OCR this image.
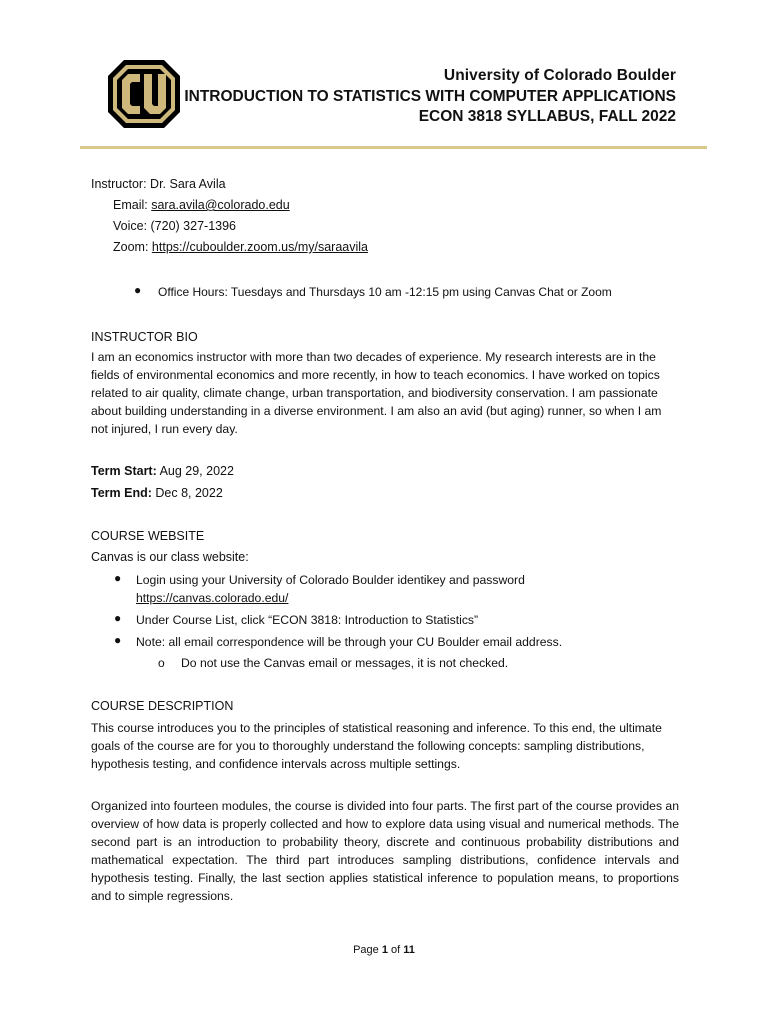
University of Colorado Boulder
INTRODUCTION TO STATISTICS WITH COMPUTER APPLICATIONS
ECON 3818 SYLLABUS, FALL 2022
Instructor: Dr. Sara Avila
Email: sara.avila@colorado.edu
Voice: (720) 327-1396
Zoom: https://cuboulder.zoom.us/my/saraavila
● Office Hours: Tuesdays and Thursdays 10 am -12:15 pm using Canvas Chat or Zoom
INSTRUCTOR BIO
I am an economics instructor with more than two decades of experience. My research interests are in the fields of environmental economics and more recently, in how to teach economics. I have worked on topics related to air quality, climate change, urban transportation, and biodiversity conservation. I am passionate about building understanding in a diverse environment. I am also an avid (but aging) runner, so when I am not injured, I run every day.
Term Start: Aug 29, 2022
Term End: Dec 8, 2022
COURSE WEBSITE
Canvas is our class website:
● Login using your University of Colorado Boulder identikey and password
https://canvas.colorado.edu/
● Under Course List, click “ECON 3818: Introduction to Statistics”
● Note: all email correspondence will be through your CU Boulder email address.
o Do not use the Canvas email or messages, it is not checked.
COURSE DESCRIPTION
This course introduces you to the principles of statistical reasoning and inference. To this end, the ultimate goals of the course are for you to thoroughly understand the following concepts: sampling distributions, hypothesis testing, and confidence intervals across multiple settings.
Organized into fourteen modules, the course is divided into four parts. The first part of the course provides an overview of how data is properly collected and how to explore data using visual and numerical methods. The second part is an introduction to probability theory, discrete and continuous probability distributions and mathematical expectation. The third part introduces sampling distributions, confidence intervals and hypothesis testing. Finally, the last section applies statistical inference to population means, to proportions and to simple regressions.
Page 1 of 11
